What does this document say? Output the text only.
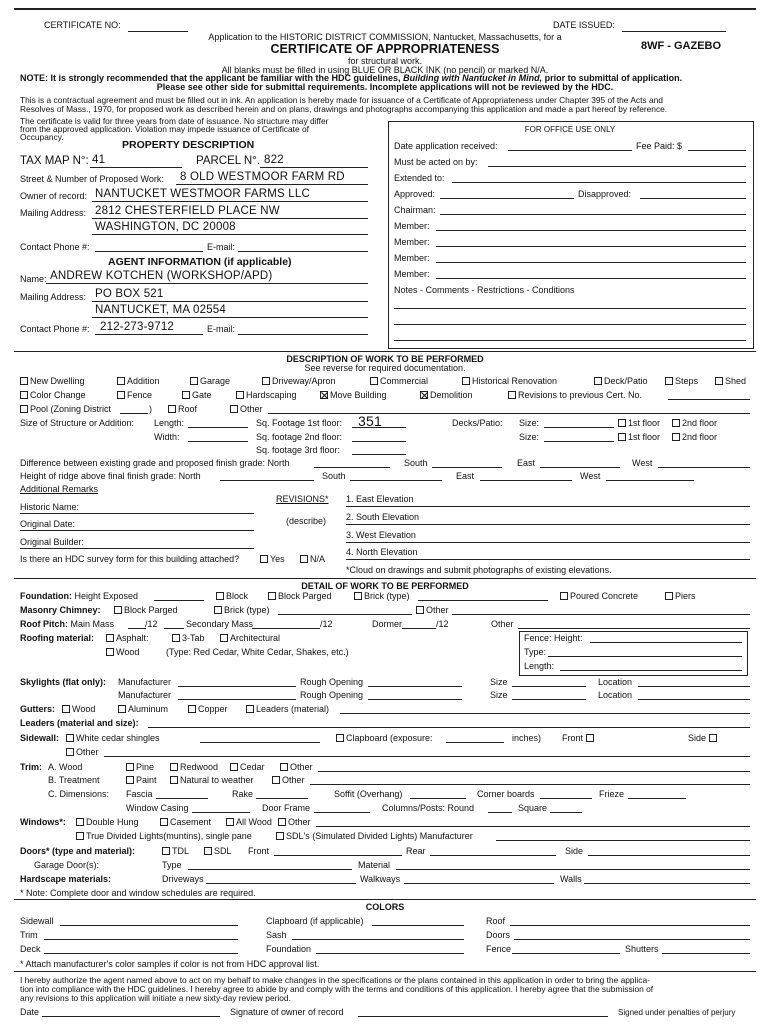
CERTIFICATE NO:	DATE ISSUED:
Application to the HISTORIC DISTRICT COMMISSION, Nantucket, Massachusetts, for a
CERTIFICATE OF APPROPRIATENESS	8WF - GAZEBO
for structural work.
All blanks must be filled in using BLUE OR BLACK INK (no pencil) or marked N/A.
NOTE: It is strongly recommended that the applicant be familiar with the HDC guidelines, Building with Nantucket in Mind, prior to submittal of application.
Please see other side for submittal requirements. Incomplete applications will not be reviewed by the HDC.
This is a contractual agreement and must be filled out in ink. An application is hereby made for issuance of a Certificate of Appropriateness under Chapter 395 of the Acts and
Resolves of Mass., 1970, for proposed work as described herein and on plans, drawings and photographs accompanying this application and made a part hereof by reference.
The certificate is valid for three years from date of issuance. No structure may differ
from the approved application. Violation may impede issuance of Certificate of
Occupancy.
PROPERTY DESCRIPTION
TAX MAP N°: 41	PARCEL N°. 822
Street & Number of Proposed Work: 8 OLD WESTMOOR FARM RD
Owner of record: NANTUCKET WESTMOOR FARMS LLC
Mailing Address: 2812 CHESTERFIELD PLACE NW
WASHINGTON, DC 20008
Contact Phone #:	E-mail:
AGENT INFORMATION (if applicable)
Name: ANDREW KOTCHEN (WORKSHOP/APD)
Mailing Address: PO BOX 521
NANTUCKET, MA 02554
Contact Phone #: 212-273-9712	E-mail:
FOR OFFICE USE ONLY
Date application received:	Fee Paid: $
Must be acted on by:
Extended to:
Approved:	Disapproved:
Chairman:
Member:
Member:
Member:
Member:
Notes - Comments - Restrictions - Conditions
DESCRIPTION OF WORK TO BE PERFORMED
See reverse for required documentation.
New Dwelling	Addition	Garage	Driveway/Apron	Commercial	Historical Renovation	Deck/Patio	Steps	Shed
Color Change	Fence	Gate	Hardscaping	Move Building	Demolition	Revisions to previous Cert. No.
Pool (Zoning District	)	Roof	Other
Size of Structure or Addition: Length:	Sq. Footage 1st floor: 351	Decks/Patio: Size:	1st floor	2nd floor
Width:	Sq. footage 2nd floor:	Size:	1st floor	2nd floor
Sq. footage 3rd floor:
Difference between existing grade and proposed finish grade: North	South	East	West
Height of ridge above final finish grade: North	South	East	West
Additional Remarks
Historic Name:
Original Date:
Original Builder:
Is there an HDC survey form for this building attached?	Yes	N/A
REVISIONS*
(describe)
1. East Elevation
2. South Elevation
3. West Elevation
4. North Elevation
*Cloud on drawings and submit photographs of existing elevations.
DETAIL OF WORK TO BE PERFORMED
Foundation: Height Exposed	Block	Block Parged	Brick (type)	Poured Concrete	Piers
Masonry Chimney:	Block Parged	Brick (type)	Other
Roof Pitch: Main Mass	/12	Secondary Mass	/12	Dormer	/12	Other
Roofing material:	Asphalt:	3-Tab	Architectural
Wood	(Type: Red Cedar, White Cedar, Shakes, etc.)
Fence: Height:
Type:
Length:
Skylights (flat only): Manufacturer	Rough Opening	Size	Location
Manufacturer	Rough Opening	Size	Location
Gutters:	Wood	Aluminum	Copper	Leaders (material)
Leaders (material and size):
Sidewall:	White cedar shingles	Clapboard (exposure:	inches) Front	Side
Other
Trim: A. Wood	Pine	Redwood	Cedar	Other
B. Treatment	Paint	Natural to weather	Other
C. Dimensions: Fascia	Rake	Soffit (Overhang)	Corner boards	Frieze
Window Casing	Door Frame	Columns/Posts: Round	Square
Windows*:	Double Hung	Casement	All Wood	Other
True Divided Lights(muntins), single pane	SDL's (Simulated Divided Lights) Manufacturer
Doors* (type and material):	TDL	SDL Front	Rear	Side
Garage Door(s):	Type	Material
Hardscape materials:	Driveways	Walkways	Walls
* Note: Complete door and window schedules are required.
COLORS
Sidewall	Clapboard (if applicable)	Roof
Trim	Sash	Doors
Deck	Foundation	Fence	Shutters
* Attach manufacturer's color samples if color is not from HDC approval list.
I hereby authorize the agent named above to act on my behalf to make changes in the specifications or the plans contained in this application in order to bring the applica-
tion into compliance with the HDC guidelines. I hereby agree to abide by and comply with the terms and conditions of this application. I hereby agree that the submission of
any revisions to this application will initiate a new sixty-day review period.
Date	Signature of owner of record	Signed under penalties of perjury
